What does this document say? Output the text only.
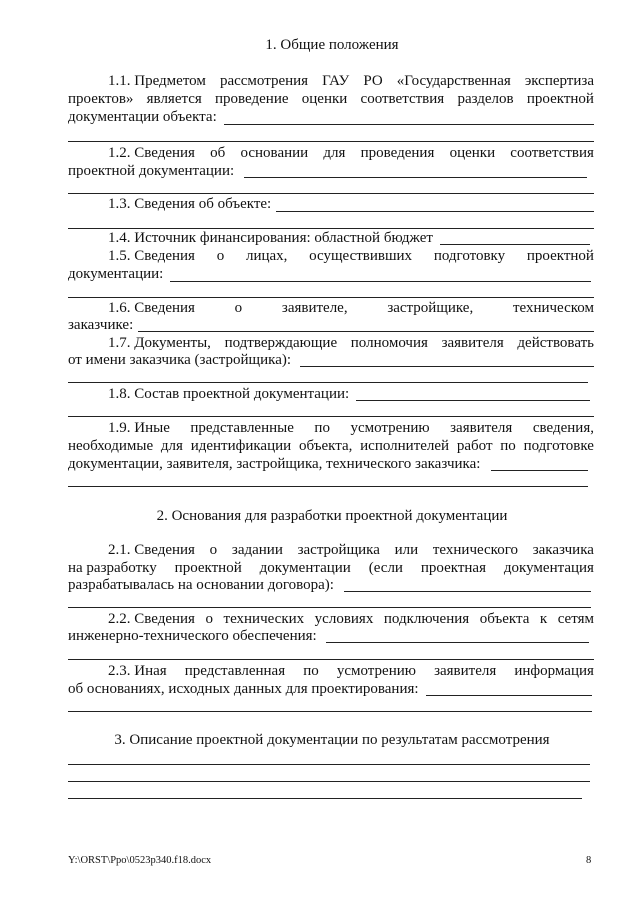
1. Общие положения
1.1. Предметом рассмотрения ГАУ РО «Государственная экспертиза
проектов» является проведение оценки соответствия разделов проектной
документации объекта:
1.2. Сведения об основании для проведения оценки соответствия
проектной документации:
1.3. Сведения об объекте:
1.4. Источник финансирования: областной бюджет
1.5. Сведения о лицах, осуществивших подготовку проектной
документации:
1.6. Сведения	о	заявителе,	застройщике,	техническом
заказчике:
1.7. Документы, подтверждающие полномочия заявителя действовать
от имени заказчика (застройщика):
1.8. Состав проектной документации:
1.9. Иные представленные по усмотрению заявителя сведения,
необходимые для идентификации объекта, исполнителей работ по подготовке
документации, заявителя, застройщика, технического заказчика:
2. Основания для разработки проектной документации
2.1. Сведения о задании застройщика или технического заказчика
на разработку проектной документации (если проектная документация
разрабатывалась на основании договора):
2.2. Сведения о технических условиях подключения объекта к сетям
инженерно-технического обеспечения:
2.3. Иная представленная по усмотрению заявителя информация
об основаниях, исходных данных для проектирования:
3. Описание проектной документации по результатам рассмотрения
Y:\ORST\Ppo\0523p340.f18.docx	8
